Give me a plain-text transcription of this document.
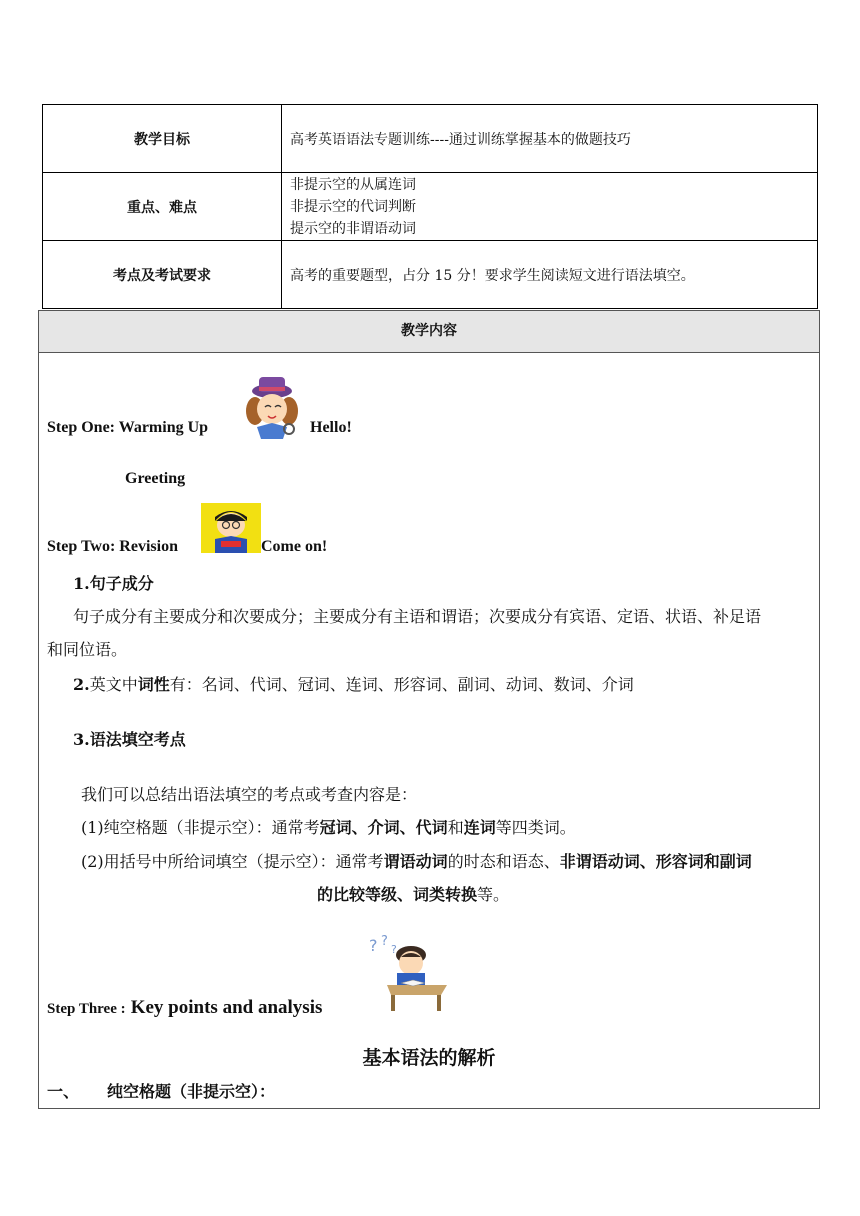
教学目标	高考英语语法专题训练----通过训练掌握基本的做题技巧
重点、难点	非提示空的从属连词
非提示空的代词判断
提示空的非谓语动词

考点及考试要求	高考的重要题型，占分 15 分！要求学生阅读短文进行语法填空。
教学内容
Step One: Warming Up	Hello!
Greeting
Step Two: Revision	Come on!
1.句子成分
句子成分有主要成分和次要成分；主要成分有主语和谓语；次要成分有宾语、定语、状语、补足语
和同位语。
2.英文中词性有：名词、代词、冠词、连词、形容词、副词、动词、数词、介词
3.语法填空考点
我们可以总结出语法填空的考点或考查内容是：
(1)纯空格题（非提示空）：通常考冠词、介词、代词和连词等四类词。
(2)用括号中所给词填空（提示空）：通常考谓语动词的时态和语态、非谓语动词、形容词和副词
的比较等级、词类转换等。
Step Three : Key points and analysis
? ?
?
基本语法的解析
一、 纯空格题（非提示空）：
